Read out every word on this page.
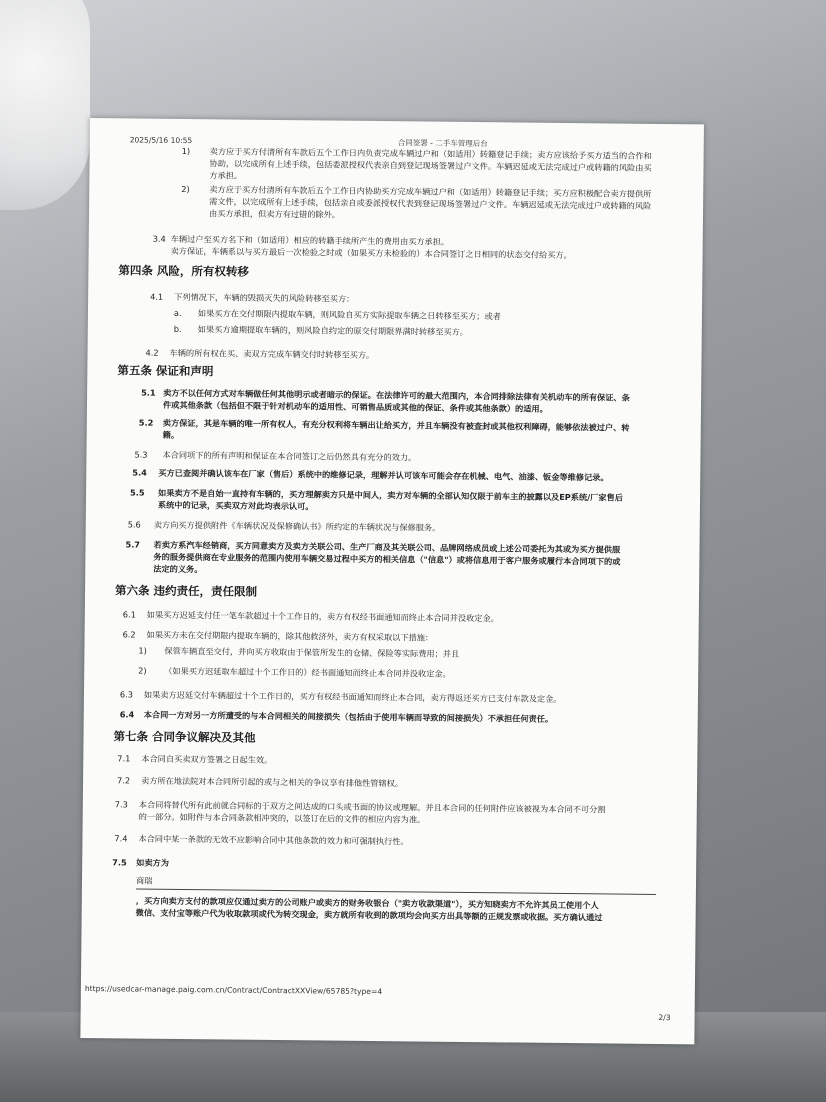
2025/5/16 10:55	合同签署 - 二手车管理后台
1) 卖方应于买方付清所有车款后五个工作日内负责完成车辆过户和（如适用）转籍登记手续；卖方应该给予买方适当的合作和
协助，以完成所有上述手续，包括委派授权代表亲自到登记现场签署过户文件。车辆迟延或无法完成过户或转籍的风险由买
方承担。
2) 卖方应于买方付清所有车款后五个工作日内协助买方完成车辆过户和（如适用）转籍登记手续；买方应积极配合卖方提供所
需文件，以完成所有上述手续，包括亲自或委派授权代表到登记现场签署过户文件。车辆迟延或无法完成过户或转籍的风险
由买方承担，但卖方有过错的除外。
3.4 车辆过户至买方名下和（如适用）相应的转籍手续所产生的费用由买方承担。
卖方保证，车辆系以与买方最后一次检验之时或（如果买方未检验的）本合同签订之日相同的状态交付给买方。
第四条 风险，所有权转移
4.1 下列情况下，车辆的毁损灭失的风险转移至买方：
a. 如果买方在交付期限内提取车辆，则风险自买方实际提取车辆之日转移至买方；或者
b. 如果买方逾期提取车辆的，则风险自约定的原交付期限界满时转移至买方。
4.2 车辆的所有权在买、卖双方完成车辆交付时转移至买方。
第五条 保证和声明
5.1 卖方不以任何方式对车辆做任何其他明示或者暗示的保证。在法律许可的最大范围内，本合同排除法律有关机动车的所有保证、条
件或其他条款（包括但不限于针对机动车的适用性、可销售品质或其他的保证、条件或其他条款）的适用。
5.2 卖方保证，其是车辆的唯一所有权人，有充分权利将车辆出让给买方，并且车辆没有被查封或其他权利障碍，能够依法被过户、转
籍。
5.3 本合同项下的所有声明和保证在本合同签订之后仍然具有充分的效力。
5.4 买方已查阅并确认该车在厂家（售后）系统中的维修记录，理解并认可该车可能会存在机械、电气、油漆、钣金等维修记录。
5.5 如果卖方不是自始一直持有车辆的，买方理解卖方只是中间人，卖方对车辆的全部认知仅限于前车主的披露以及EP系统/厂家售后
系统中的记录，买卖双方对此均表示认可。
5.6 卖方向买方提供附件《车辆状况及保修确认书》所约定的车辆状况与保修服务。
5.7 若卖方系汽车经销商，买方同意卖方及卖方关联公司、生产厂商及其关联公司、品牌网络成员或上述公司委托为其或为买方提供服
务的服务提供商在专业服务的范围内使用车辆交易过程中买方的相关信息（"信息"）或将信息用于客户服务或履行本合同项下的或
法定的义务。
第六条 违约责任，责任限制
6.1 如果买方迟延支付任一笔车款超过十个工作日的，卖方有权经书面通知而终止本合同并没收定金。
6.2 如果买方未在交付期限内提取车辆的，除其他救济外，卖方有权采取以下措施：
1) 保管车辆直至交付，并向买方收取由于保管所发生的仓储、保险等实际费用；并且
2) （如果买方迟延取车超过十个工作日的）经书面通知而终止本合同并没收定金。
6.3 如果卖方迟延交付车辆超过十个工作日的，买方有权经书面通知而终止本合同，卖方得返还买方已支付车款及定金。
6.4 本合同一方对另一方所遭受的与本合同相关的间接损失（包括由于使用车辆而导致的间接损失）不承担任何责任。
第七条 合同争议解决及其他
7.1 本合同自买卖双方签署之日起生效。
7.2 卖方所在地法院对本合同所引起的或与之相关的争议享有排他性管辖权。
7.3 本合同将替代所有此前就合同标的于双方之间达成的口头或书面的协议或理解。并且本合同的任何附件应该被视为本合同不可分割
的一部分。如附件与本合同条款相冲突的，以签订在后的文件的相应内容为准。
7.4 本合同中某一条款的无效不应影响合同中其他条款的效力和可强制执行性。
7.5 如卖方为
商瑞
，买方向卖方支付的款项应仅通过卖方的公司账户或卖方的财务收银台（"卖方收款渠道"），买方知晓卖方不允许其员工使用个人
微信、支付宝等账户代为收取款项或代为转交现金，卖方就所有收到的款项均会向买方出具等额的正规发票或收据。买方确认通过
https://usedcar-manage.paig.com.cn/Contract/ContractXXView/65785?type=4
2/3
